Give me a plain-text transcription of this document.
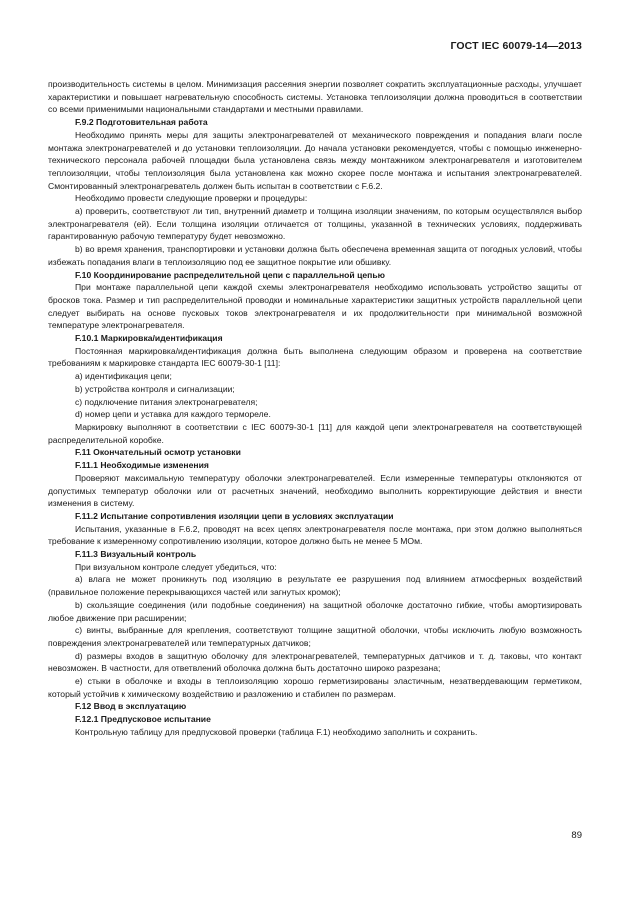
ГОСТ IEC 60079-14—2013

производительность системы в целом. Минимизация рассеяния энергии позволяет сократить эксплуатационные расходы, улучшает характеристики и повышает нагревательную способность системы. Установка теплоизоляции должна проводиться в соответствии со всеми применимыми национальными стандартами и местными правилами.

F.9.2 Подготовительная работа

Необходимо принять меры для защиты электронагревателей от механического повреждения и попадания влаги после монтажа электронагревателей и до установки теплоизоляции. До начала установки рекомендуется, чтобы с помощью инженерно-технического персонала рабочей площадки была установлена связь между монтажником электронагревателя и изготовителем теплоизоляции, чтобы теплоизоляция была установлена как можно скорее после монтажа и испытания электронагревателей. Смонтированный электронагреватель должен быть испытан в соответствии с F.6.2.

Необходимо провести следующие проверки и процедуры:

a) проверить, соответствуют ли тип, внутренний диаметр и толщина изоляции значениям, по которым осуществлялся выбор электронагревателя (ей). Если толщина изоляции отличается от толщины, указанной в технических условиях, поддерживать гарантированную рабочую температуру будет невозможно.

b) во время хранения, транспортировки и установки должна быть обеспечена временная защита от погодных условий, чтобы избежать попадания влаги в теплоизоляцию под ее защитное покрытие или обшивку.

F.10 Координирование распределительной цепи с параллельной цепью

При монтаже параллельной цепи каждой схемы электронагревателя необходимо использовать устройство защиты от бросков тока. Размер и тип распределительной проводки и номинальные характеристики защитных устройств параллельной цепи следует выбирать на основе пусковых токов электронагревателя и их продолжительности при минимальной возможной температуре электронагревателя.

F.10.1 Маркировка/идентификация

Постоянная маркировка/идентификация должна быть выполнена следующим образом и проверена на соответствие требованиям к маркировке стандарта IEC 60079-30-1 [11]:

a) идентификация цепи;

b) устройства контроля и сигнализации;

c) подключение питания электронагревателя;

d) номер цепи и уставка для каждого термореле.

Маркировку выполняют в соответствии с IEC 60079-30-1 [11] для каждой цепи электронагревателя на соответствующей распределительной коробке.

F.11 Окончательный осмотр установки

F.11.1 Необходимые изменения

Проверяют максимальную температуру оболочки электронагревателей. Если измеренные температуры отклоняются от допустимых температур оболочки или от расчетных значений, необходимо выполнить корректирующие действия и внести изменения в систему.

F.11.2 Испытание сопротивления изоляции цепи в условиях эксплуатации

Испытания, указанные в F.6.2, проводят на всех цепях электронагревателя после монтажа, при этом должно выполняться требование к измеренному сопротивлению изоляции, которое должно быть не менее 5 МОм.

F.11.3 Визуальный контроль

При визуальном контроле следует убедиться, что:

a) влага не может проникнуть под изоляцию в результате ее разрушения под влиянием атмосферных воздействий (правильное положение перекрывающихся частей или загнутых кромок);

b) скользящие соединения (или подобные соединения) на защитной оболочке достаточно гибкие, чтобы амортизировать любое движение при расширении;

c) винты, выбранные для крепления, соответствуют толщине защитной оболочки, чтобы исключить любую возможность повреждения электронагревателей или температурных датчиков;

d) размеры входов в защитную оболочку для электронагревателей, температурных датчиков и т. д. таковы, что контакт невозможен. В частности, для ответвлений оболочка должна быть достаточно широко разрезана;

e) стыки в оболочке и входы в теплоизоляцию хорошо герметизированы эластичным, незатвердевающим герметиком, который устойчив к химическому воздействию и разложению и стабилен по размерам.

F.12 Ввод в эксплуатацию

F.12.1 Предпусковое испытание

Контрольную таблицу для предпусковой проверки (таблица F.1) необходимо заполнить и сохранить.

89
